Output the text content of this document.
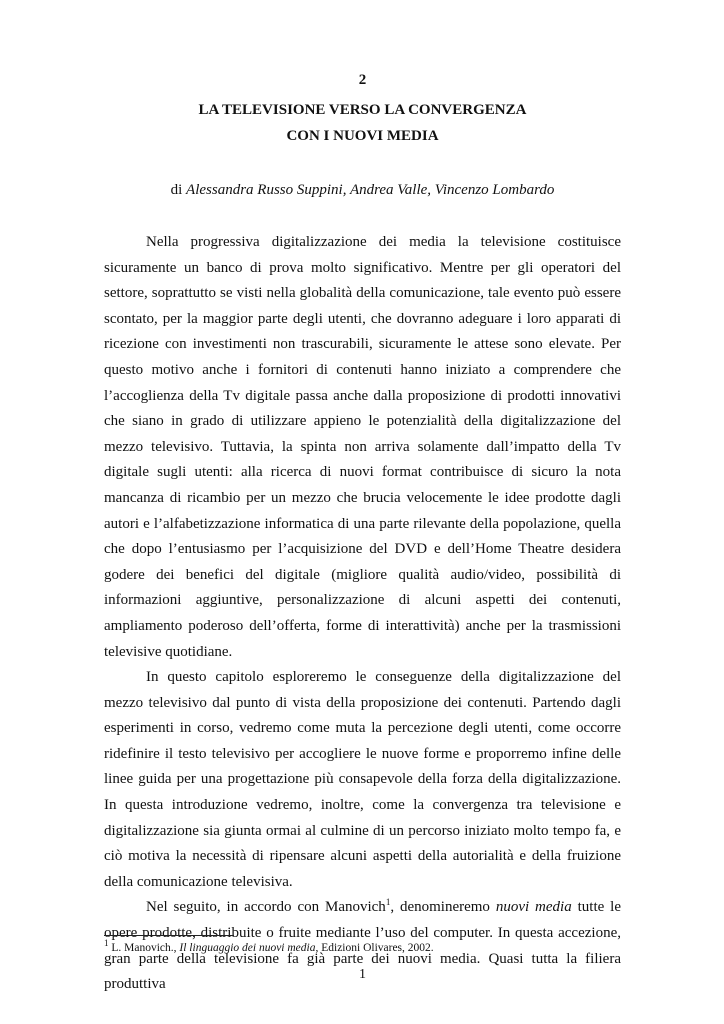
2
LA TELEVISIONE VERSO LA CONVERGENZA
CON I NUOVI MEDIA
di Alessandra Russo Suppini, Andrea Valle, Vincenzo Lombardo

Nella progressiva digitalizzazione dei media la televisione costituisce sicuramente un banco di prova molto significativo. Mentre per gli operatori del settore, soprattutto se visti nella globalità della comunicazione, tale evento può essere scontato, per la maggior parte degli utenti, che dovranno adeguare i loro apparati di ricezione con investimenti non trascurabili, sicuramente le attese sono elevate. Per questo motivo anche i fornitori di contenuti hanno iniziato a comprendere che l’accoglienza della Tv digitale passa anche dalla proposizione di prodotti innovativi che siano in grado di utilizzare appieno le potenzialità della digitalizzazione del mezzo televisivo. Tuttavia, la spinta non arriva solamente dall’impatto della Tv digitale sugli utenti: alla ricerca di nuovi format contribuisce di sicuro la nota mancanza di ricambio per un mezzo che brucia velocemente le idee prodotte dagli autori e l’alfabetizzazione informatica di una parte rilevante della popolazione, quella che dopo l’entusiasmo per l’acquisizione del DVD e dell’Home Theatre desidera godere dei benefici del digitale (migliore qualità audio/video, possibilità di informazioni aggiuntive, personalizzazione di alcuni aspetti dei contenuti, ampliamento poderoso dell’offerta, forme di interattività) anche per la trasmissioni televisive quotidiane.

In questo capitolo esploreremo le conseguenze della digitalizzazione del mezzo televisivo dal punto di vista della proposizione dei contenuti. Partendo dagli esperimenti in corso, vedremo come muta la percezione degli utenti, come occorre ridefinire il testo televisivo per accogliere le nuove forme e proporremo infine delle linee guida per una progettazione più consapevole della forza della digitalizzazione. In questa introduzione vedremo, inoltre, come la convergenza tra televisione e digitalizzazione sia giunta ormai al culmine di un percorso iniziato molto tempo fa, e ciò motiva la necessità di ripensare alcuni aspetti della autorialità e della fruizione della comunicazione televisiva.

Nel seguito, in accordo con Manovich$^1$, denomineremo nuovi media tutte le opere prodotte, distribuite o fruite mediante l’uso del computer. In questa accezione, gran parte della televisione fa già parte dei nuovi media. Quasi tutta la filiera produttiva

$^1$ L. Manovich., Il linguaggio dei nuovi media, Edizioni Olivares, 2002.
1
